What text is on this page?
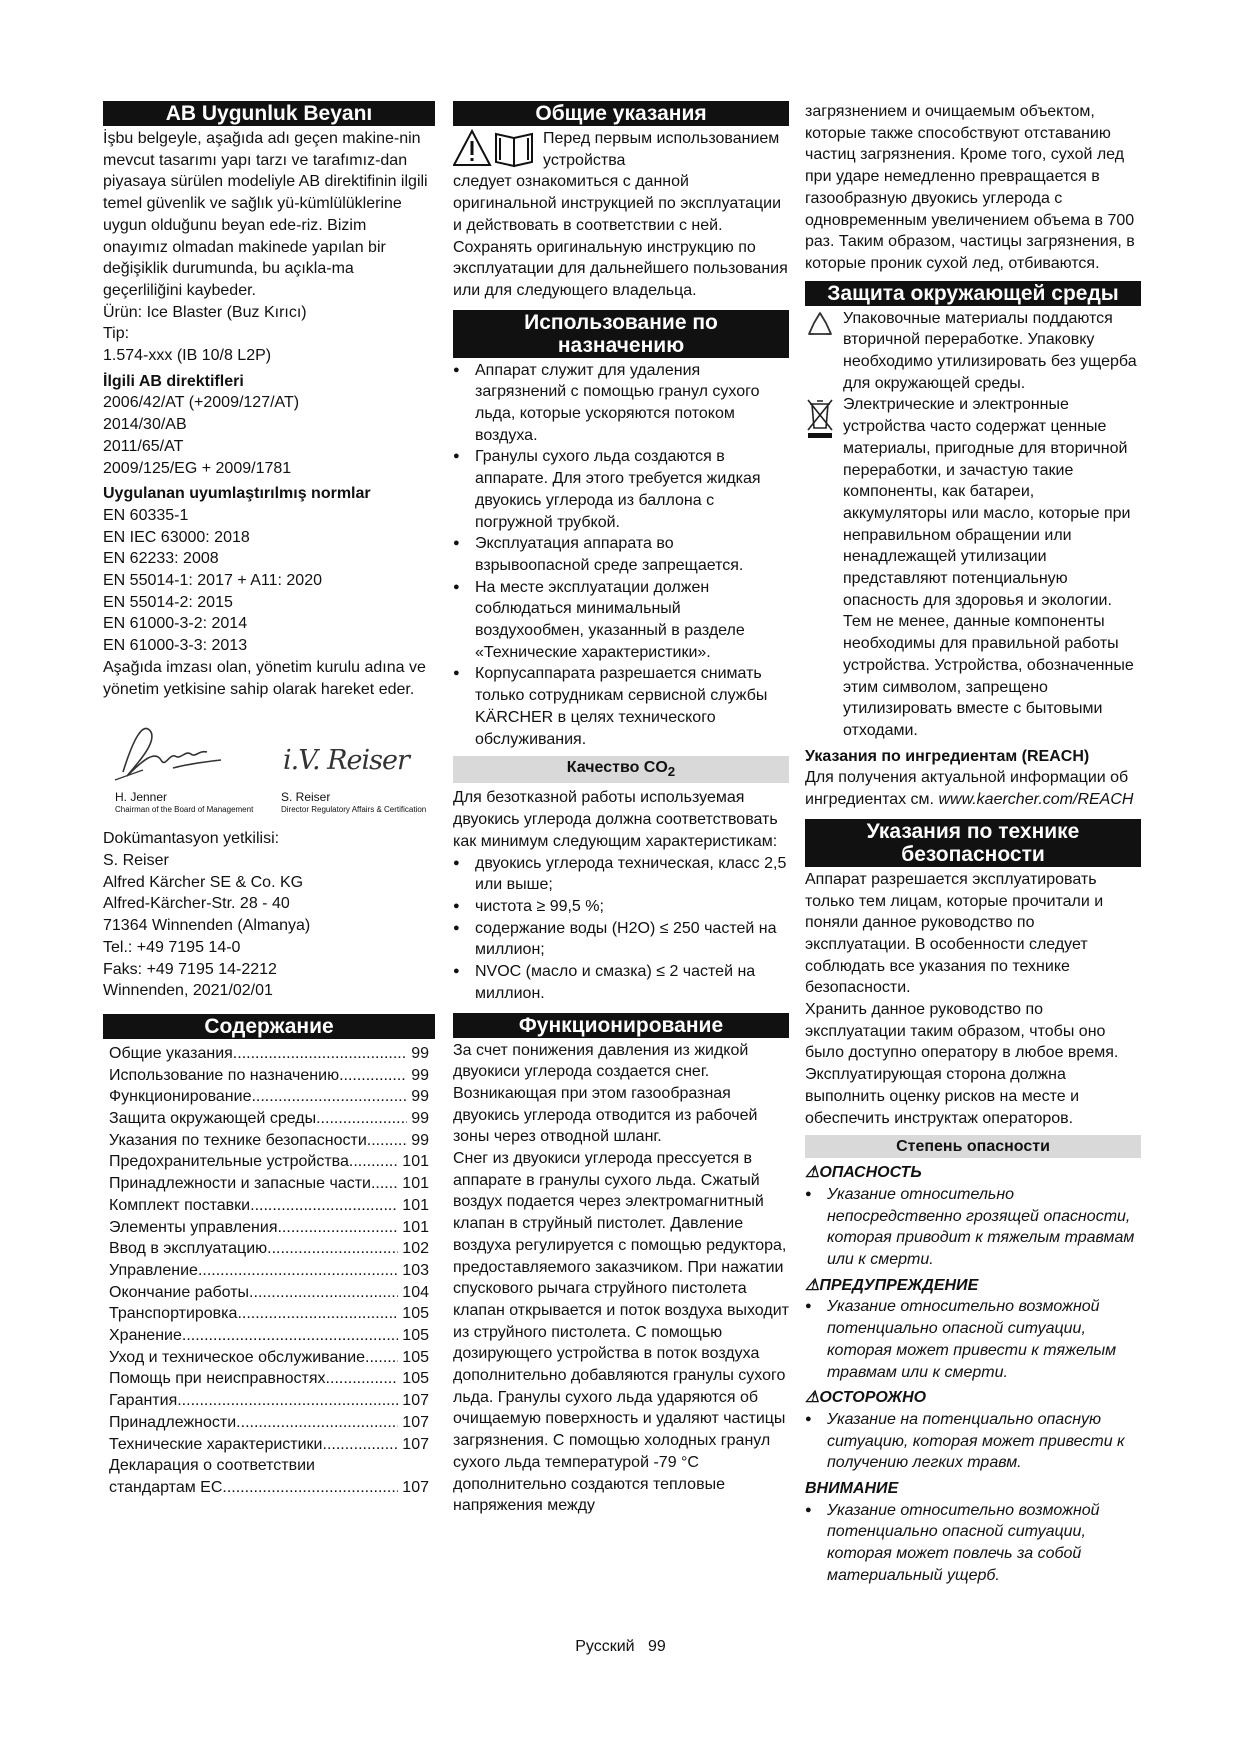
AB Uygunluk Beyanı

İşbu belgeyle, aşağıda adı geçen makine-nin mevcut tasarımı yapı tarzı ve tarafımız-dan piyasaya sürülen modeliyle AB direktifinin ilgili temel güvenlik ve sağlık yü-kümlülüklerine uygun olduğunu beyan ede-riz. Bizim onayımız olmadan makinede yapılan bir değişiklik durumunda, bu açıkla-ma geçerliliğini kaybeder.

Ürün: Ice Blaster (Buz Kırıcı)

Tip:

1.574-xxx (IB 10/8 L2P)

İlgili AB direktifleri

2006/42/AT (+2009/127/AT)

2014/30/AB

2011/65/AT

2009/125/EG + 2009/1781

Uygulanan uyumlaştırılmış normlar

EN 60335-1

EN IEC 63000: 2018

EN 62233: 2008

EN 55014-1: 2017 + A11: 2020

EN 55014-2: 2015

EN 61000-3-2: 2014

EN 61000-3-3: 2013

Aşağıda imzası olan, yönetim kurulu adına ve yönetim yetkisine sahip olarak hareket eder.

H. Jenner
Chairman of the Board of Management
i.V. Reiser
S. Reiser
Director Regulatory Affairs & Certification

Dokümantasyon yetkilisi:

S. Reiser

Alfred Kärcher SE & Co. KG

Alfred-Kärcher-Str. 28 - 40

71364 Winnenden (Almanya)

Tel.: +49 7195 14-0

Faks: +49 7195 14-2212

Winnenden, 2021/02/01

Содержание
Общие указания .....	99
Использование по назначению .....	99
Функционирование .....	99
Защита окружающей среды .....	99
Указания по технике безопасности .....	99
Предохранительные устройства .....	101
Принадлежности и запасные части ..... 101
Комплект поставки .....	101
Элементы управления .....	101
Ввод в эксплуатацию .....	102
Управление .....	103
Окончание работы .....	104
Транспортировка .....	105
Хранение .....	105
Уход и техническое обслуживание ..... 105
Помощь при неисправностях .....	105
Гарантия .....	107
Принадлежности .....	107
Технические характеристики .....	107
Декларация о соответствии
стандартам ЕС .....	107
Общие указания

Перед первым использованием устройства

следует ознакомиться с данной оригинальной инструкцией по эксплуатации и действовать в соответствии с ней. Сохранять оригинальную инструкцию по эксплуатации для дальнейшего пользования или для следующего владельца.

Использование по
назначению
● Аппарат служит для удаления загрязнений с помощью гранул сухого льда, которые ускоряются потоком воздуха.
● Гранулы сухого льда создаются в аппарате. Для этого требуется жидкая двуокись углерода из баллона с погружной трубкой.
● Эксплуатация аппарата во взрывоопасной среде запрещается.
● На месте эксплуатации должен соблюдаться минимальный воздухообмен, указанный в разделе «Технические характеристики».
● Корпусаппарата разрешается снимать только сотрудникам сервисной службы KÄRCHER в целях технического обслуживания.
Качество $CO_2$

Для безотказной работы используемая двуокись углерода должна соответствовать как минимум следующим характеристикам:

● двуокись углерода техническая, класс 2,5 или выше;
● чистота ≥ 99,5 %;
● содержание воды (H2O) ≤ 250 частей на миллион;
● NVOC (масло и смазка) ≤ 2 частей на миллион.
Функционирование

За счет понижения давления из жидкой двуокиси углерода создается снег. Возникающая при этом газообразная двуокись углерода отводится из рабочей зоны через отводной шланг.

Снег из двуокиси углерода прессуется в аппарате в гранулы сухого льда. Сжатый воздух подается через электромагнитный клапан в струйный пистолет. Давление воздуха регулируется с помощью редуктора, предоставляемого заказчиком. При нажатии спускового рычага струйного пистолета клапан открывается и поток воздуха выходит из струйного пистолета. С помощью дозирующего устройства в поток воздуха дополнительно добавляются гранулы сухого льда. Гранулы сухого льда ударяются об очищаемую поверхность и удаляют частицы загрязнения. С помощью холодных гранул сухого льда температурой -79 °C дополнительно создаются тепловые напряжения между

загрязнением и очищаемым объектом, которые также способствуют отставанию частиц загрязнения. Кроме того, сухой лед при ударе немедленно превращается в газообразную двуокись углерода с одновременным увеличением объема в 700 раз. Таким образом, частицы загрязнения, в которые проник сухой лед, отбиваются.

Защита окружающей среды

Упаковочные материалы поддаются вторичной переработке. Упаковку необходимо утилизировать без ущерба для окружающей среды.

Электрические и электронные устройства часто содержат ценные материалы, пригодные для вторичной переработки, и зачастую такие компоненты, как батареи, аккумуляторы или масло, которые при неправильном обращении или ненадлежащей утилизации представляют потенциальную опасность для здоровья и экологии. Тем не менее, данные компоненты необходимы для правильной работы устройства. Устройства, обозначенные этим символом, запрещено утилизировать вместе с бытовыми отходами.

Указания по ингредиентам (REACH)

Для получения актуальной информации об ингредиентах см. www.kaercher.com/REACH

Указания по технике
безопасности

Аппарат разрешается эксплуатировать только тем лицам, которые прочитали и поняли данное руководство по эксплуатации. В особенности следует соблюдать все указания по технике безопасности.

Хранить данное руководство по эксплуатации таким образом, чтобы оно было доступно оператору в любое время. Эксплуатирующая сторона должна выполнить оценку рисков на месте и обеспечить инструктаж операторов.

Степень опасности
⚠ОПАСНОСТЬ
● Указание относительно непосредственно грозящей опасности, которая приводит к тяжелым травмам или к смерти.
⚠ПРЕДУПРЕЖДЕНИЕ
● Указание относительно возможной потенциально опасной ситуации, которая может привести к тяжелым травмам или к смерти.
⚠ОСТОРОЖНО
● Указание на потенциально опасную ситуацию, которая может привести к получению легких травм.
ВНИМАНИЕ
● Указание относительно возможной потенциально опасной ситуации, которая может повлечь за собой материальный ущерб.
Русский 99
